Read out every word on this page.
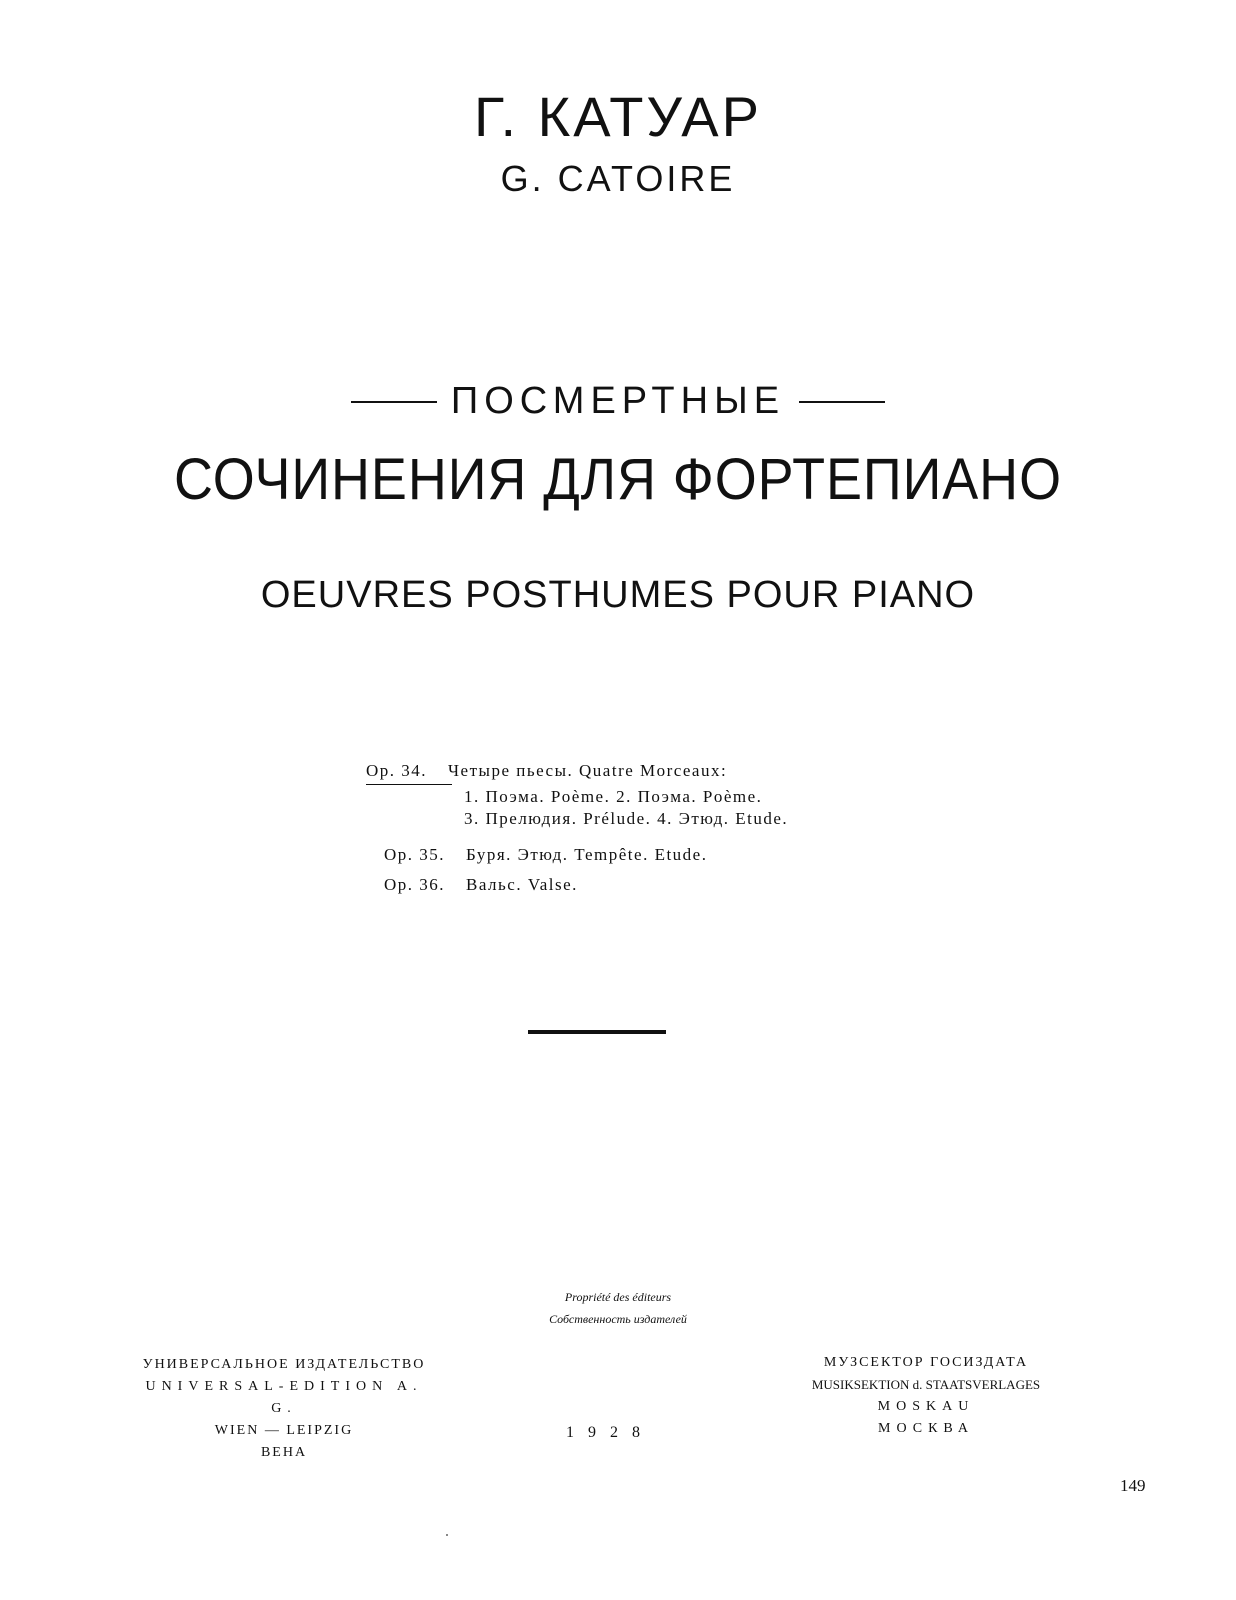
Г. КАТУАР
G. CATOIRE
ПОСМЕРТНЫЕ
СОЧИНЕНИЯ ДЛЯ ФОРТЕПИАНО
OEUVRES POSTHUMES POUR PIANO
Op. 34. Четыре пьесы. Quatre Morceaux:
1. Поэма. Poème. 2. Поэма. Poème.
3. Прелюдия. Prélude. 4. Этюд. Etude.
Op. 35. Буря. Этюд. Tempête. Etude.
Op. 36. Вальс. Valse.
Propriété des éditeurs
Собственность издателей
УНИВЕРСАЛЬНОЕ ИЗДАТЕЛЬСТВО
UNIVERSAL-EDITION A. G.
WIEN — LEIPZIG
ВЕНА
1928
МУЗСЕКТОР ГОСИЗДАТА
MUSIKSEKTION d. STAATSVERLAGES
MOSKAU
МОСКВА
149
